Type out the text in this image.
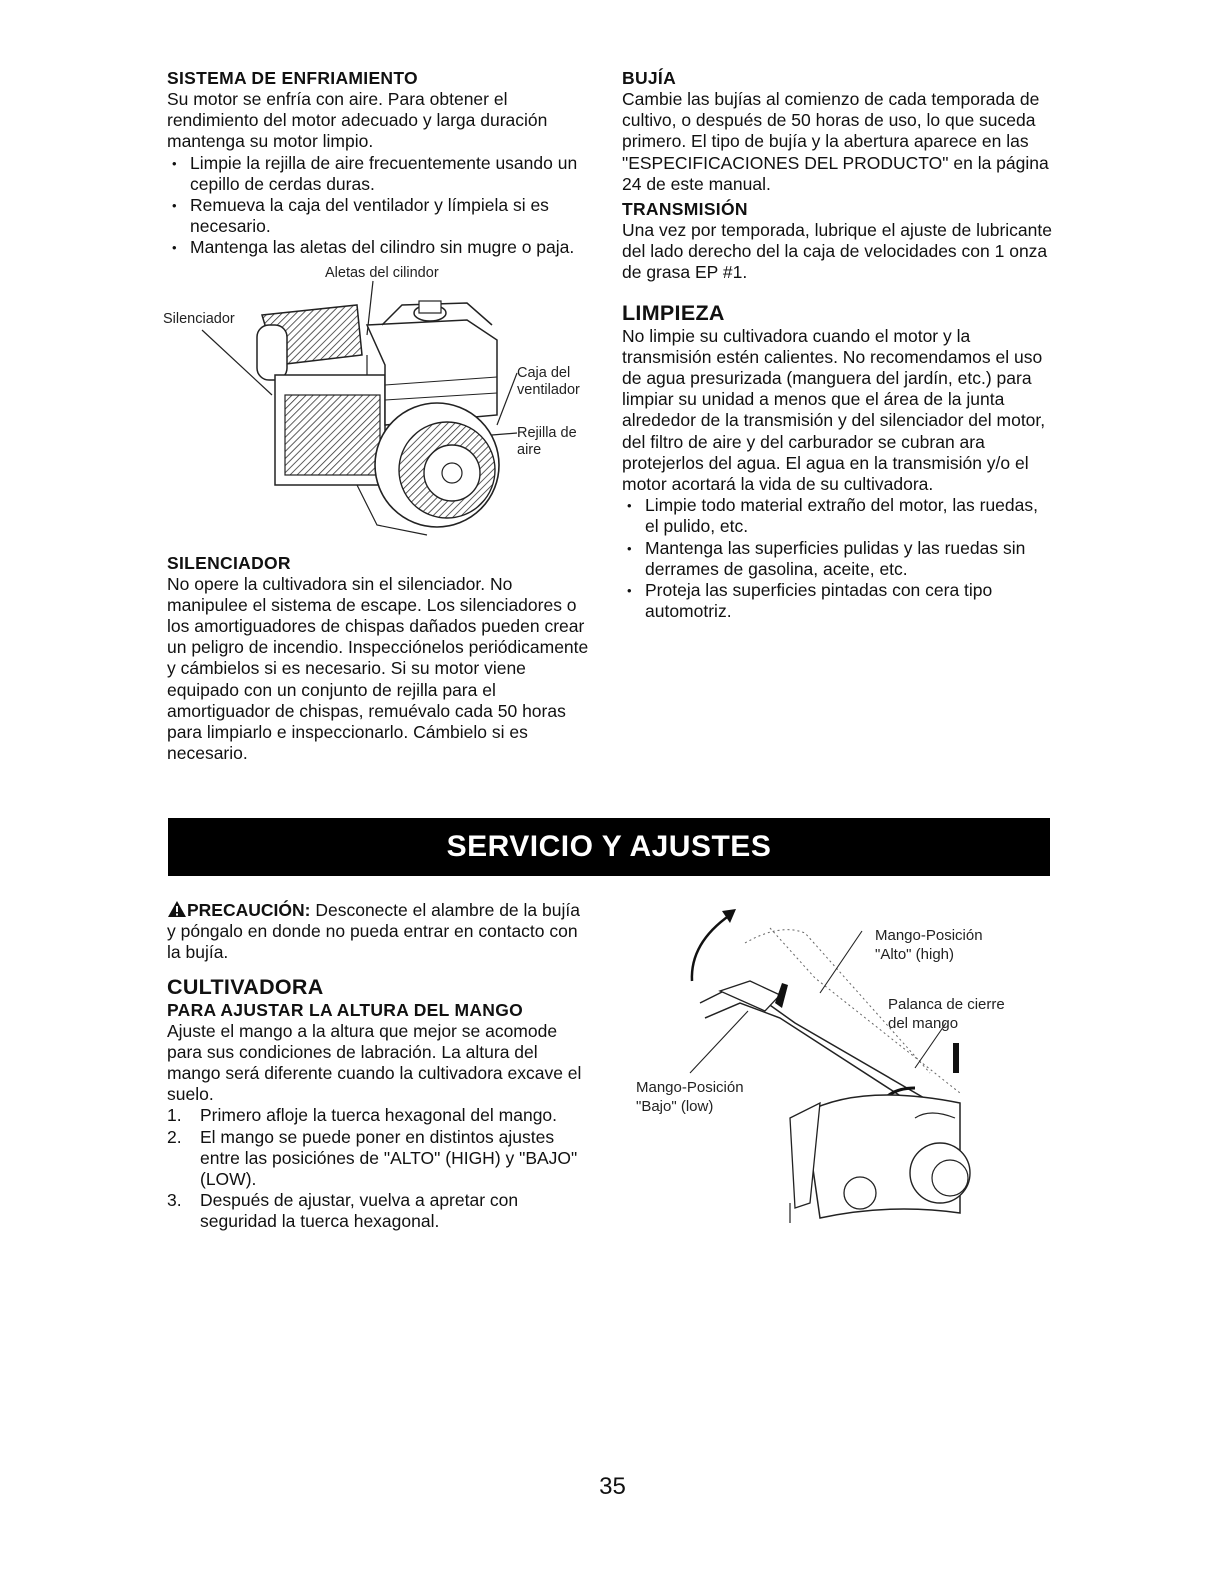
SISTEMA DE ENFRIAMIENTO

Su motor se enfría con aire. Para obtener el rendimiento del motor adecuado y larga duración mantenga su motor limpio.

• Limpie la rejilla de aire frecuentemente usando un cepillo de cerdas duras.
• Remueva la caja del ventilador y límpiela si es necesario.
• Mantenga las aletas del cilindro sin mugre o paja.
Aletas del cilindor
Silenciador
Caja del ventilador
Rejilla de aire
SILENCIADOR

No opere la cultivadora sin el silenciador. No manipulee el sistema de escape. Los silenciadores o los amortiguadores de chispas dañados pueden crear un peligro de incendio. Inspecciónelos periódicamente y cámbielos si es necesario. Si su motor viene equipado con un conjunto de rejilla para el amortiguador de chispas, remuévalo cada 50 horas para limpiarlo e inspeccionarlo. Cámbielo si es necesario.

BUJÍA

Cambie las bujías al comienzo de cada temporada de cultivo, o después de 50 horas de uso, lo que suceda primero. El tipo de bujía y la abertura aparece en las "ESPECIFICACIONES DEL PRODUCTO" en la página 24 de este manual.

TRANSMISIÓN

Una vez por temporada, lubrique el ajuste de lubricante del lado derecho del la caja de velocidades con 1 onza de grasa EP #1.

LIMPIEZA

No limpie su cultivadora cuando el motor y la transmisión estén calientes. No recomendamos el uso de agua presurizada (manguera del jardín, etc.) para limpiar su unidad a menos que el área de la junta alrededor de la transmisión y del silenciador del motor, del filtro de aire y del carburador se cubran ara protejerlos del agua. El agua en la transmisión y/o el motor acortará la vida de su cultivadora.

• Limpie todo material extraño del motor, las ruedas, el pulido, etc.
• Mantenga las superficies pulidas y las ruedas sin derrames de gasolina, aceite, etc.
• Proteja las superficies pintadas con cera tipo automotriz.
SERVICIO Y AJUSTES

PRECAUCIÓN: Desconecte el alambre de la bujía y póngalo en donde no pueda entrar en contacto con la bujía.

CULTIVADORA
PARA AJUSTAR LA ALTURA DEL MANGO

Ajuste el mango a la altura que mejor se acomode para sus condiciones de labración. La altura del mango será diferente cuando la cultivadora excave el suelo.

1. Primero afloje la tuerca hexagonal del mango.
2. El mango se puede poner en distintos ajustes entre las posiciónes de "ALTO" (HIGH) y "BAJO" (LOW).
3. Después de ajustar, vuelva a apretar con seguridad la tuerca hexagonal.
Mango-Posición
"Alto" (high)
Palanca de cierre
del mango
Mango-Posición
"Bajo" (low)
35
